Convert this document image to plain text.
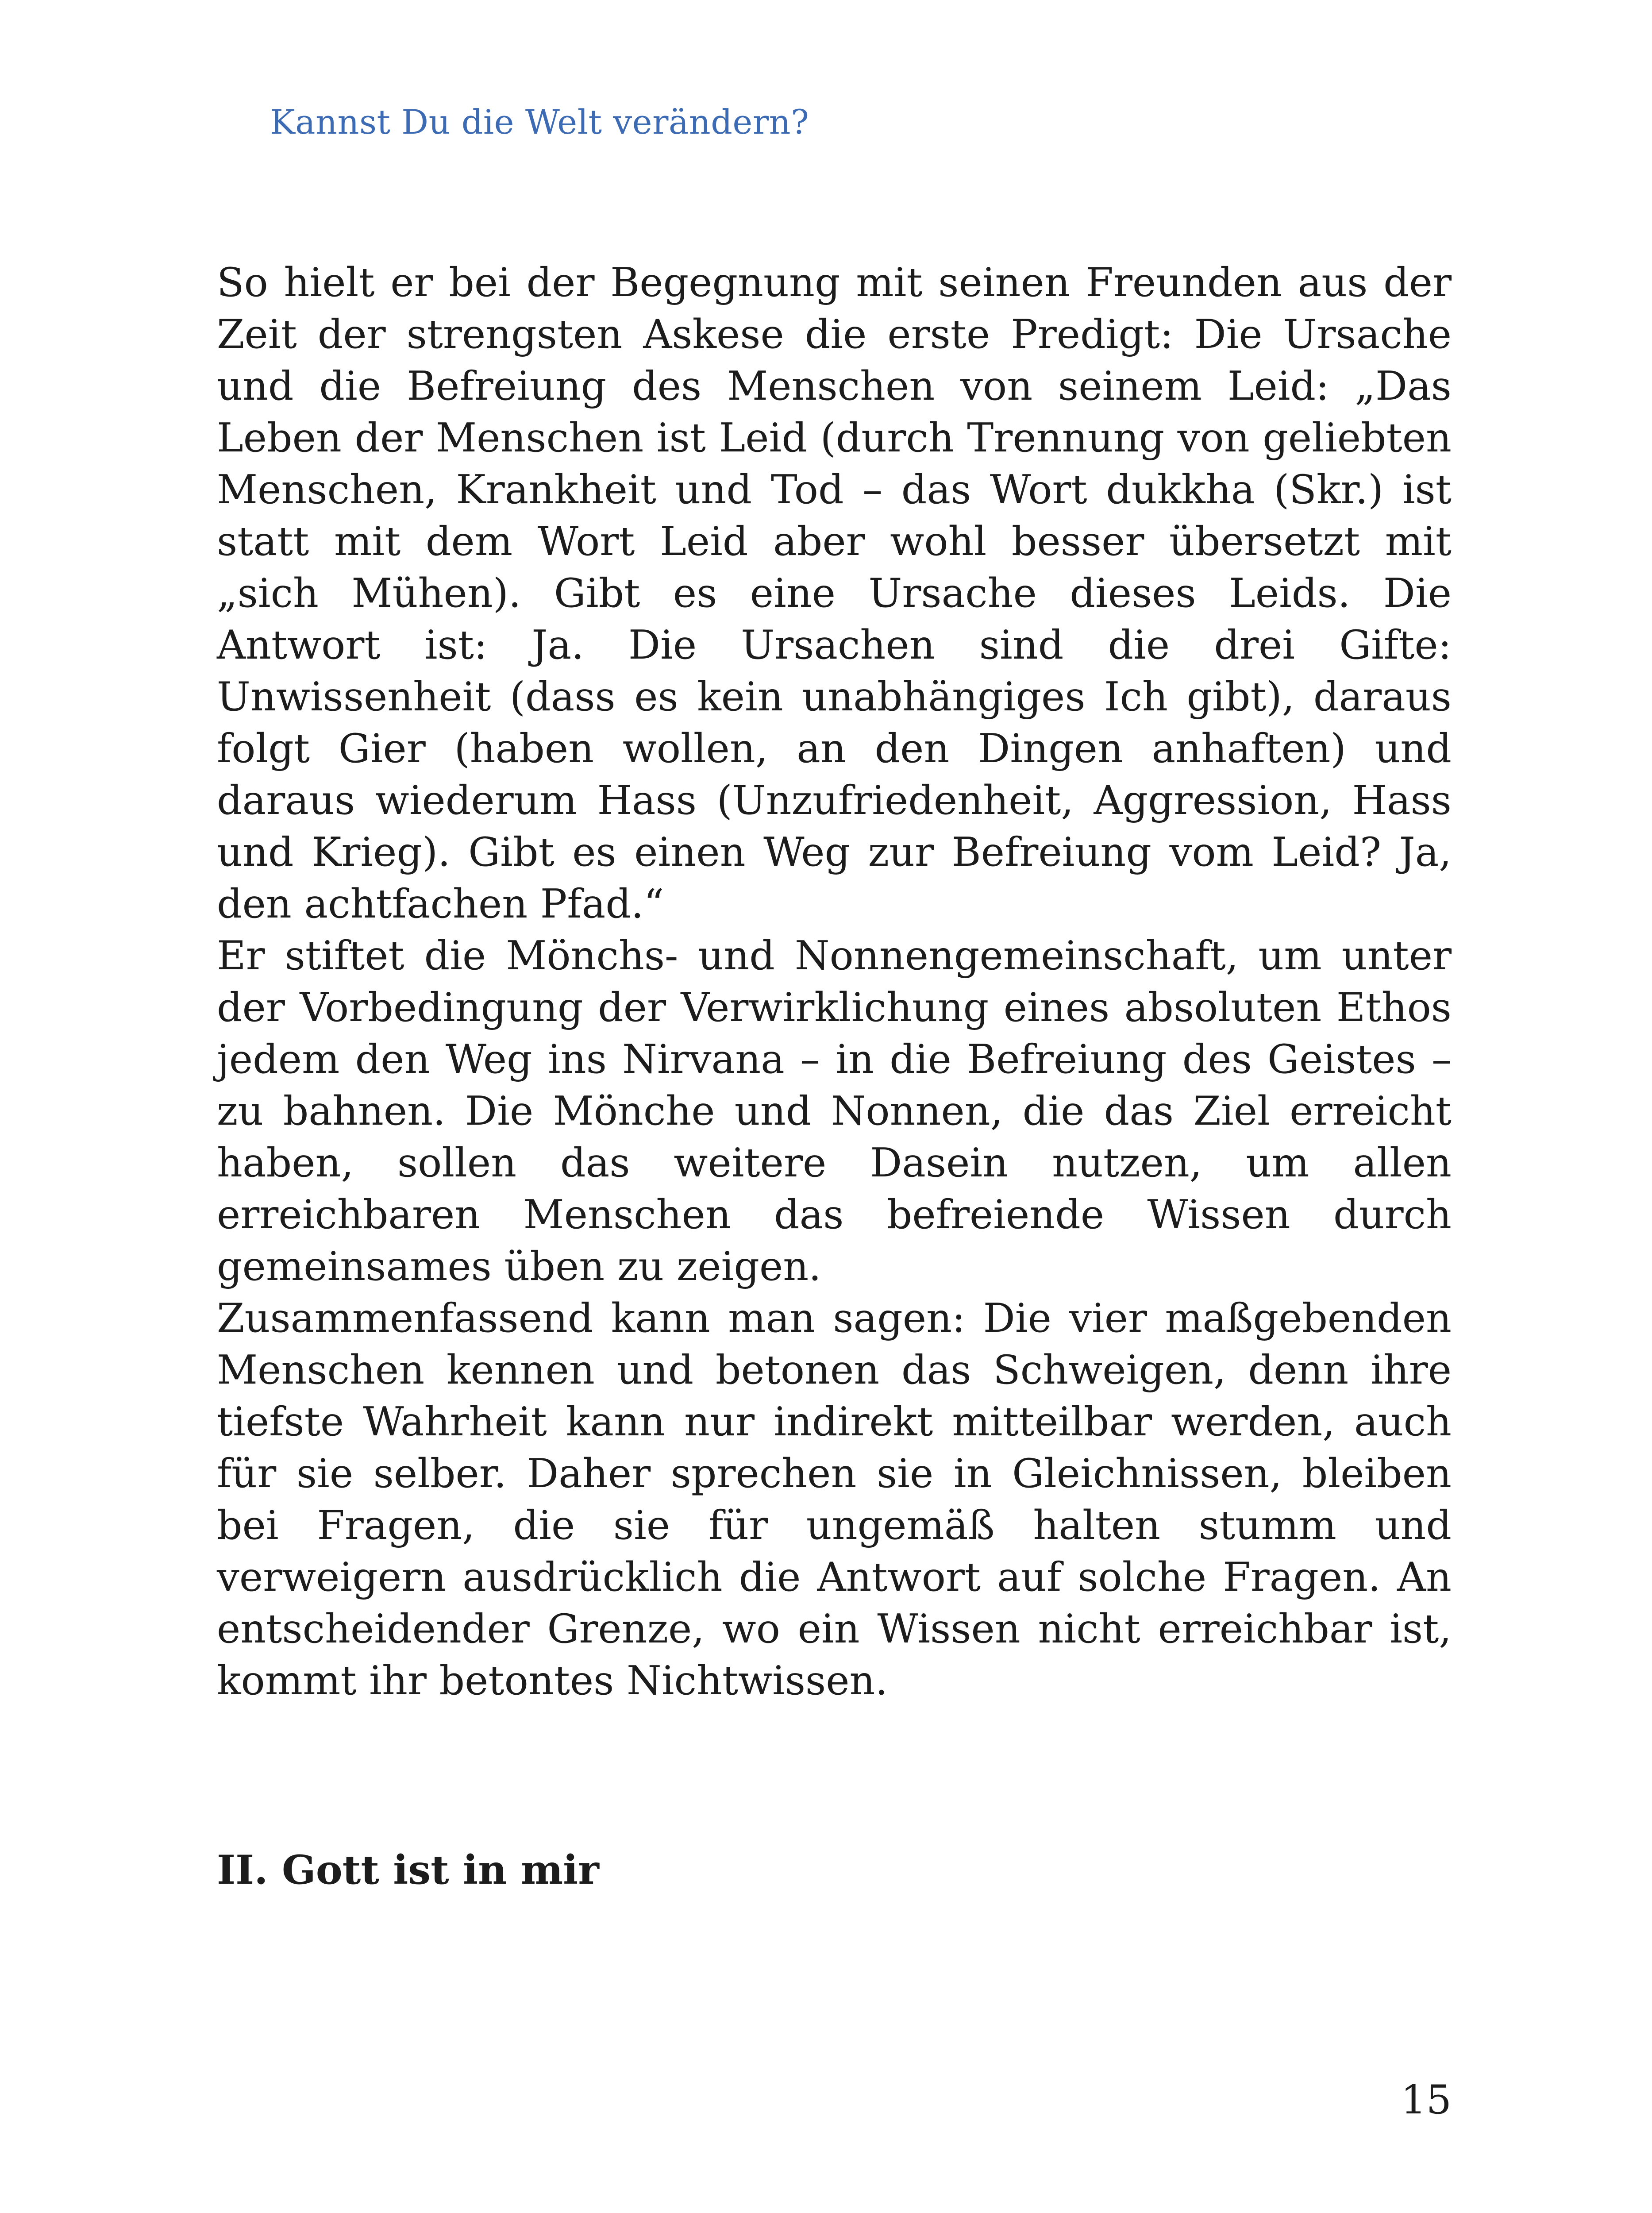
Kannst Du die Welt verändern?

So hielt er bei der Begegnung mit seinen Freunden aus der Zeit der strengsten Askese die erste Predigt: Die Ursache und die Befreiung des Menschen von seinem Leid: „Das Leben der Menschen ist Leid (durch Trennung von geliebten Menschen, Krankheit und Tod – das Wort dukkha (Skr.) ist statt mit dem Wort Leid aber wohl besser übersetzt mit „sich Mühen). Gibt es eine Ursache dieses Leids. Die Antwort ist: Ja. Die Ursachen sind die drei Gifte: Unwissenheit (dass es kein unabhängiges Ich gibt), daraus folgt Gier (haben wollen, an den Dingen anhaften) und daraus wiederum Hass (Unzufriedenheit, Aggression, Hass und Krieg). Gibt es einen Weg zur Befreiung vom Leid? Ja, den achtfachen Pfad.“

Er stiftet die Mönchs- und Nonnengemeinschaft, um unter der Vorbedingung der Verwirklichung eines absoluten Ethos jedem den Weg ins Nirvana – in die Befreiung des Geistes – zu bahnen. Die Mönche und Nonnen, die das Ziel erreicht haben, sollen das weitere Dasein nutzen, um allen erreichbaren Menschen das befreiende Wissen durch gemeinsames üben zu zeigen.

Zusammenfassend kann man sagen: Die vier maßgebenden Menschen kennen und betonen das Schweigen, denn ihre tiefste Wahrheit kann nur indirekt mitteilbar werden, auch für sie selber. Daher sprechen sie in Gleichnissen, bleiben bei Fragen, die sie für ungemäß halten stumm und verweigern ausdrücklich die Antwort auf solche Fragen. An entscheidender Grenze, wo ein Wissen nicht erreichbar ist, kommt ihr betontes Nichtwissen.

II. Gott ist in mir
15
